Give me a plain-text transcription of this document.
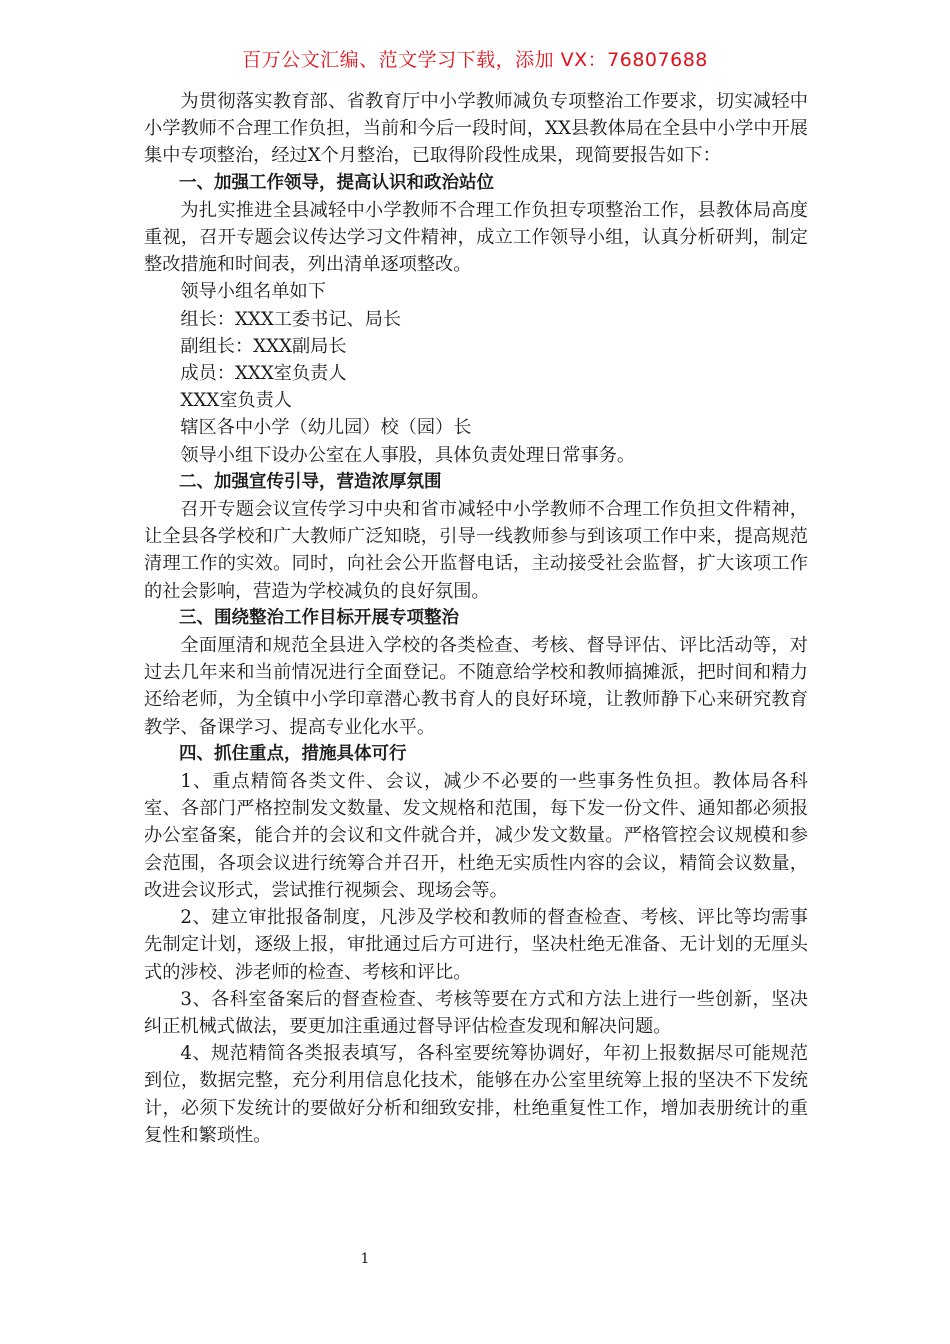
百万公文汇编、范文学习下载，添加 VX：76807688

为贯彻落实教育部、省教育厅中小学教师减负专项整治工作要求，切实减轻中小学教师不合理工作负担，当前和今后一段时间，XX县教体局在全县中小学中开展集中专项整治，经过X个月整治，已取得阶段性成果，现简要报告如下：

一、加强工作领导，提高认识和政治站位

为扎实推进全县减轻中小学教师不合理工作负担专项整治工作，县教体局高度重视，召开专题会议传达学习文件精神，成立工作领导小组，认真分析研判，制定整改措施和时间表，列出清单逐项整改。

领导小组名单如下

组长：XXX工委书记、局长

副组长：XXX副局长

成员：XXX室负责人

XXX室负责人

辖区各中小学（幼儿园）校（园）长

领导小组下设办公室在人事股，具体负责处理日常事务。

二、加强宣传引导，营造浓厚氛围

召开专题会议宣传学习中央和省市减轻中小学教师不合理工作负担文件精神，让全县各学校和广大教师广泛知晓，引导一线教师参与到该项工作中来，提高规范清理工作的实效。同时，向社会公开监督电话，主动接受社会监督，扩大该项工作的社会影响，营造为学校减负的良好氛围。

三、围绕整治工作目标开展专项整治

全面厘清和规范全县进入学校的各类检查、考核、督导评估、评比活动等，对过去几年来和当前情况进行全面登记。不随意给学校和教师搞摊派，把时间和精力还给老师，为全镇中小学印章潜心教书育人的良好环境，让教师静下心来研究教育教学、备课学习、提高专业化水平。

四、抓住重点，措施具体可行

1、重点精简各类文件、会议，减少不必要的一些事务性负担。教体局各科室、各部门严格控制发文数量、发文规格和范围，每下发一份文件、通知都必须报办公室备案，能合并的会议和文件就合并，减少发文数量。严格管控会议规模和参会范围，各项会议进行统筹合并召开，杜绝无实质性内容的会议，精简会议数量，改进会议形式，尝试推行视频会、现场会等。

2、建立审批报备制度，凡涉及学校和教师的督查检查、考核、评比等均需事先制定计划，逐级上报，审批通过后方可进行，坚决杜绝无准备、无计划的无厘头式的涉校、涉老师的检查、考核和评比。

3、各科室备案后的督查检查、考核等要在方式和方法上进行一些创新，坚决纠正机械式做法，要更加注重通过督导评估检查发现和解决问题。

4、规范精简各类报表填写，各科室要统筹协调好，年初上报数据尽可能规范到位，数据完整，充分利用信息化技术，能够在办公室里统筹上报的坚决不下发统计，必须下发统计的要做好分析和细致安排，杜绝重复性工作，增加表册统计的重复性和繁琐性。

1
